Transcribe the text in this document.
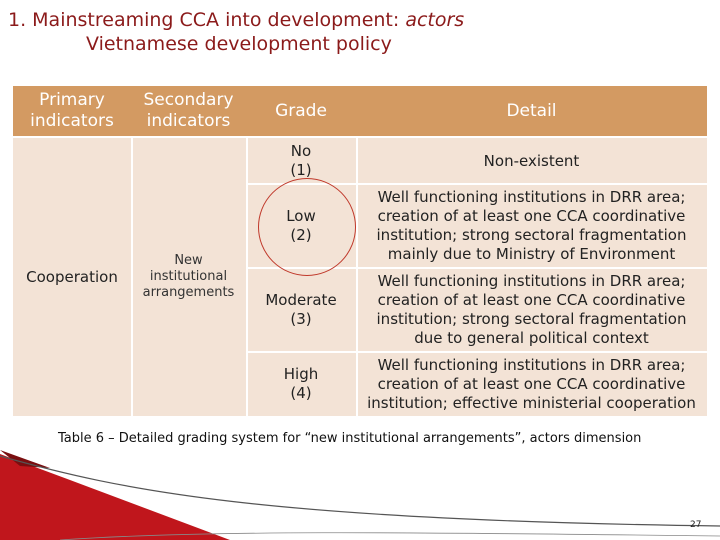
1. Mainstreaming CCA into development: actors
Vietnamese development policy
Primary indicators
Secondary indicators
Grade	Detail
Cooperation
New institutional arrangements
No
(1)
Non-existent
Low
(2)
Well functioning institutions in DRR area; creation of at least one CCA coordinative institution; strong sectoral fragmentation mainly due to Ministry of Environment
Moderate
(3)
Well functioning institutions in DRR area; creation of at least one CCA coordinative institution; strong sectoral fragmentation due to general political context
High
(4)
Well functioning institutions in DRR area; creation of at least one CCA coordinative institution; effective ministerial cooperation
Table 6 – Detailed grading system for “new institutional arrangements”, actors dimension
27
